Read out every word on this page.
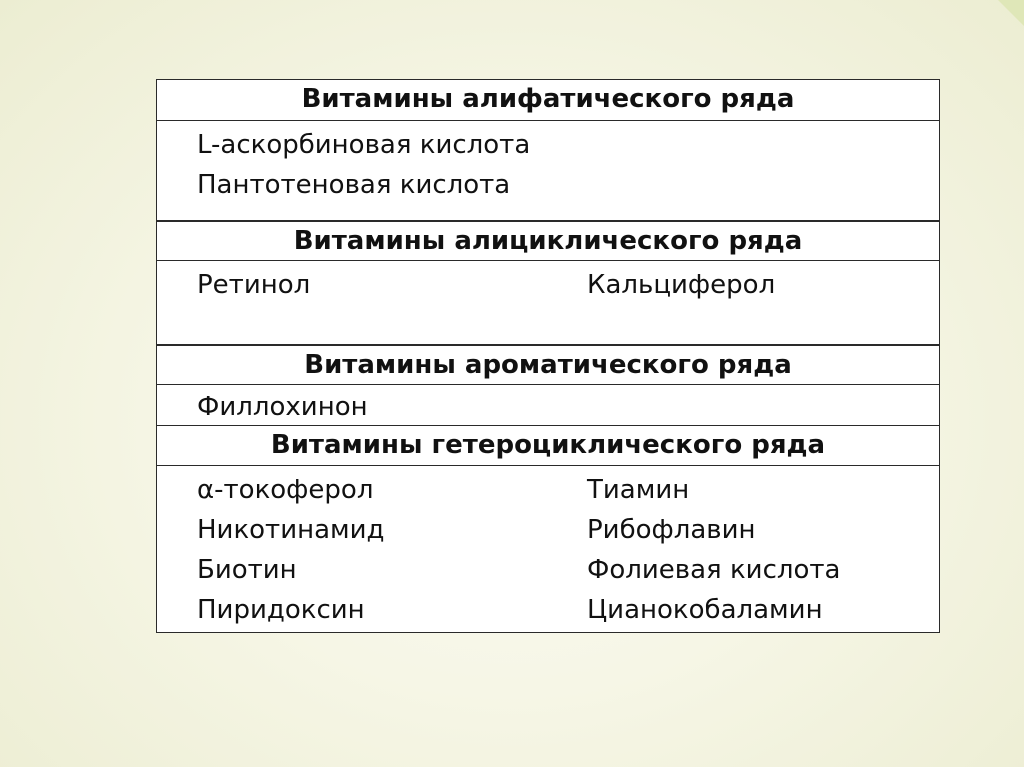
Витамины алифатического ряда
L-аскорбиновая кислота
Пантотеновая кислота
Витамины алициклического ряда
Ретинол	Кальциферол
Витамины ароматического ряда
Филлохинон
Витамины гетероциклического ряда
α-токоферол	Тиамин
Никотинамид	Рибофлавин
Биотин	Фолиевая кислота
Пиридоксин	Цианокобаламин
